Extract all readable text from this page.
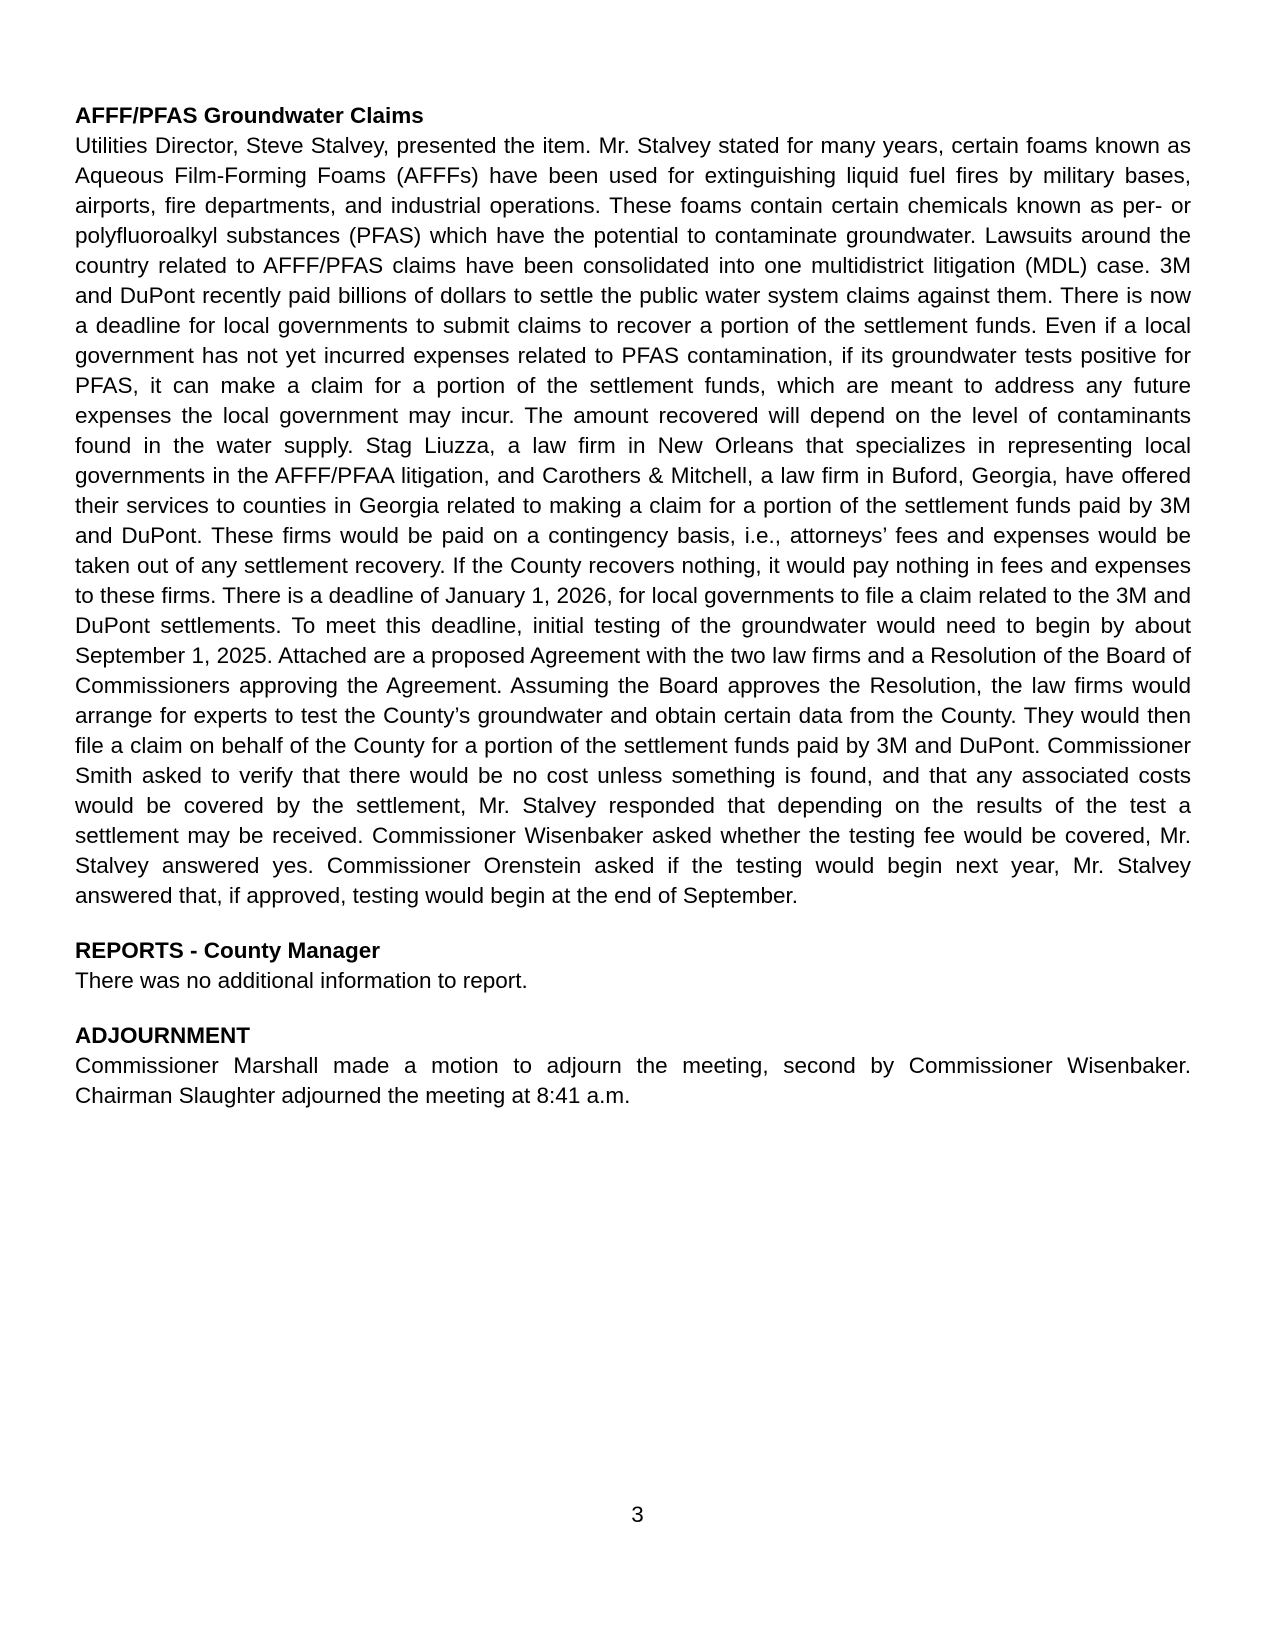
AFFF/PFAS Groundwater Claims

Utilities Director, Steve Stalvey, presented the item. Mr. Stalvey stated for many years, certain foams known as Aqueous Film-Forming Foams (AFFFs) have been used for extinguishing liquid fuel fires by military bases, airports, fire departments, and industrial operations. These foams contain certain chemicals known as per- or polyfluoroalkyl substances (PFAS) which have the potential to contaminate groundwater. Lawsuits around the country related to AFFF/PFAS claims have been consolidated into one multidistrict litigation (MDL) case. 3M and DuPont recently paid billions of dollars to settle the public water system claims against them. There is now a deadline for local governments to submit claims to recover a portion of the settlement funds. Even if a local government has not yet incurred expenses related to PFAS contamination, if its groundwater tests positive for PFAS, it can make a claim for a portion of the settlement funds, which are meant to address any future expenses the local government may incur. The amount recovered will depend on the level of contaminants found in the water supply. Stag Liuzza, a law firm in New Orleans that specializes in representing local governments in the AFFF/PFAA litigation, and Carothers & Mitchell, a law firm in Buford, Georgia, have offered their services to counties in Georgia related to making a claim for a portion of the settlement funds paid by 3M and DuPont. These firms would be paid on a contingency basis, i.e., attorneys’ fees and expenses would be taken out of any settlement recovery. If the County recovers nothing, it would pay nothing in fees and expenses to these firms. There is a deadline of January 1, 2026, for local governments to file a claim related to the 3M and DuPont settlements. To meet this deadline, initial testing of the groundwater would need to begin by about September 1, 2025. Attached are a proposed Agreement with the two law firms and a Resolution of the Board of Commissioners approving the Agreement. Assuming the Board approves the Resolution, the law firms would arrange for experts to test the County’s groundwater and obtain certain data from the County. They would then file a claim on behalf of the County for a portion of the settlement funds paid by 3M and DuPont. Commissioner Smith asked to verify that there would be no cost unless something is found, and that any associated costs would be covered by the settlement, Mr. Stalvey responded that depending on the results of the test a settlement may be received. Commissioner Wisenbaker asked whether the testing fee would be covered, Mr. Stalvey answered yes. Commissioner Orenstein asked if the testing would begin next year, Mr. Stalvey answered that, if approved, testing would begin at the end of September.

REPORTS - County Manager

There was no additional information to report.

ADJOURNMENT

Commissioner Marshall made a motion to adjourn the meeting, second by Commissioner Wisenbaker. Chairman Slaughter adjourned the meeting at 8:41 a.m.

3
